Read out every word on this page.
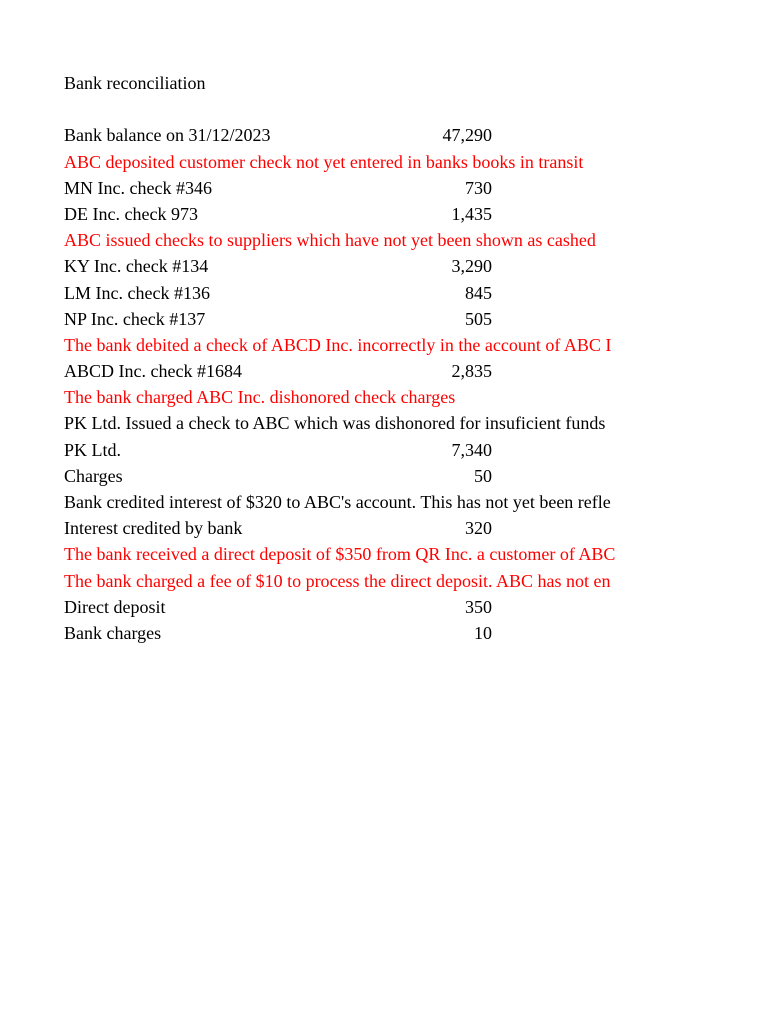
Bank reconciliation
Bank balance on 31/12/2023	47,290
ABC deposited customer check not yet entered in banks books in transit
MN Inc. check #346	730
DE Inc. check 973	1,435
ABC issued checks to suppliers which have not yet been shown as cashed
KY Inc. check #134	3,290
LM Inc. check #136	845
NP Inc. check #137	505
The bank debited a check of ABCD Inc. incorrectly in the account of ABC I
ABCD Inc. check #1684	2,835
The bank charged ABC Inc. dishonored check charges
PK Ltd. Issued a check to ABC which was dishonored for insuficient funds
PK Ltd.	7,340
Charges	50
Bank credited interest of $320 to ABC's account. This has not yet been refle
Interest credited by bank	320
The bank received a direct deposit of $350 from QR Inc. a customer of ABC
The bank charged a fee of $10 to process the direct deposit. ABC has not en
Direct deposit	350
Bank charges	10
